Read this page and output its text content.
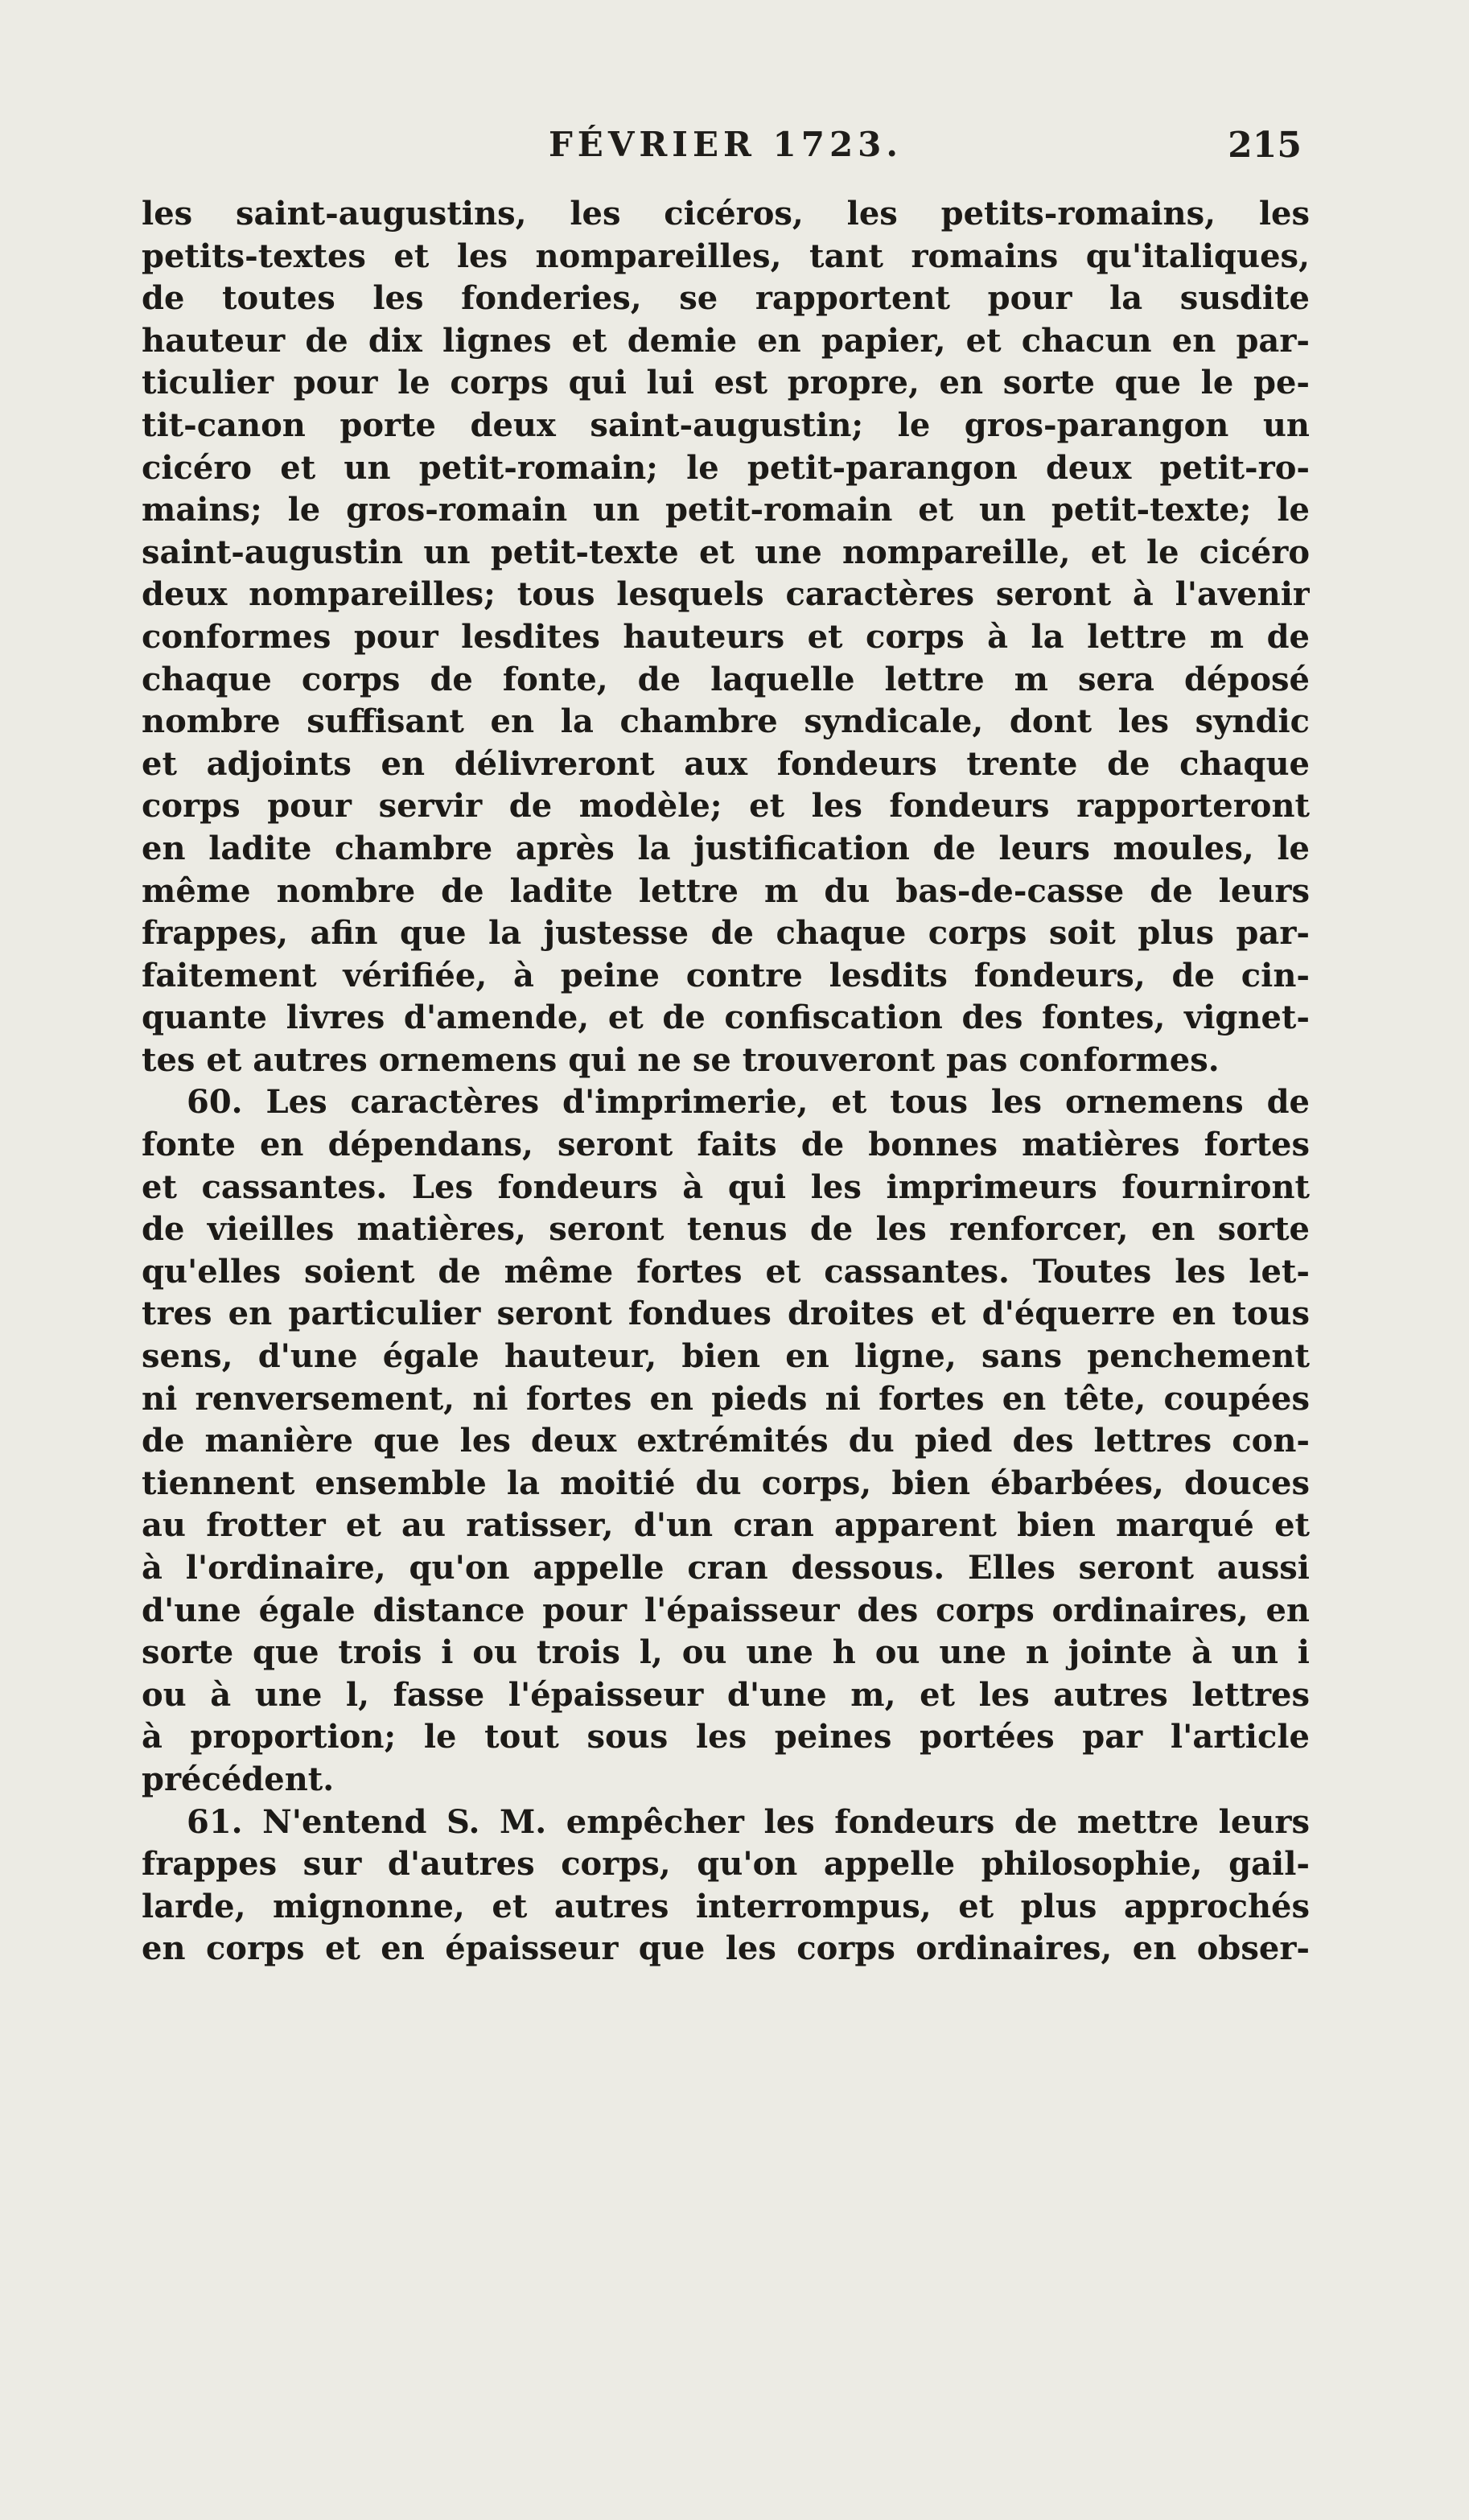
FÉVRIER 1723.	215
les saint-augustins, les cicéros, les petits-romains, les
petits-textes et les nompareilles, tant romains qu'italiques,
de toutes les fonderies, se rapportent pour la susdite
hauteur de dix lignes et demie en papier, et chacun en par-
ticulier pour le corps qui lui est propre, en sorte que le pe-
tit-canon porte deux saint-augustin; le gros-parangon un
cicéro et un petit-romain; le petit-parangon deux petit-ro-
mains; le gros-romain un petit-romain et un petit-texte; le
saint-augustin un petit-texte et une nompareille, et le cicéro
deux nompareilles; tous lesquels caractères seront à l'avenir
conformes pour lesdites hauteurs et corps à la lettre m de
chaque corps de fonte, de laquelle lettre m sera déposé
nombre suffisant en la chambre syndicale, dont les syndic
et adjoints en délivreront aux fondeurs trente de chaque
corps pour servir de modèle; et les fondeurs rapporteront
en ladite chambre après la justification de leurs moules, le
même nombre de ladite lettre m du bas-de-casse de leurs
frappes, afin que la justesse de chaque corps soit plus par-
faitement vérifiée, à peine contre lesdits fondeurs, de cin-
quante livres d'amende, et de confiscation des fontes, vignet-
tes et autres ornemens qui ne se trouveront pas conformes.
60. Les caractères d'imprimerie, et tous les ornemens de
fonte en dépendans, seront faits de bonnes matières fortes
et cassantes. Les fondeurs à qui les imprimeurs fourniront
de vieilles matières, seront tenus de les renforcer, en sorte
qu'elles soient de même fortes et cassantes. Toutes les let-
tres en particulier seront fondues droites et d'équerre en tous
sens, d'une égale hauteur, bien en ligne, sans penchement
ni renversement, ni fortes en pieds ni fortes en tête, coupées
de manière que les deux extrémités du pied des lettres con-
tiennent ensemble la moitié du corps, bien ébarbées, douces
au frotter et au ratisser, d'un cran apparent bien marqué et
à l'ordinaire, qu'on appelle cran dessous. Elles seront aussi
d'une égale distance pour l'épaisseur des corps ordinaires, en
sorte que trois i ou trois l, ou une h ou une n jointe à un i
ou à une l, fasse l'épaisseur d'une m, et les autres lettres
à proportion; le tout sous les peines portées par l'article
précédent.
61. N'entend S. M. empêcher les fondeurs de mettre leurs
frappes sur d'autres corps, qu'on appelle philosophie, gail-
larde, mignonne, et autres interrompus, et plus approchés
en corps et en épaisseur que les corps ordinaires, en obser-
